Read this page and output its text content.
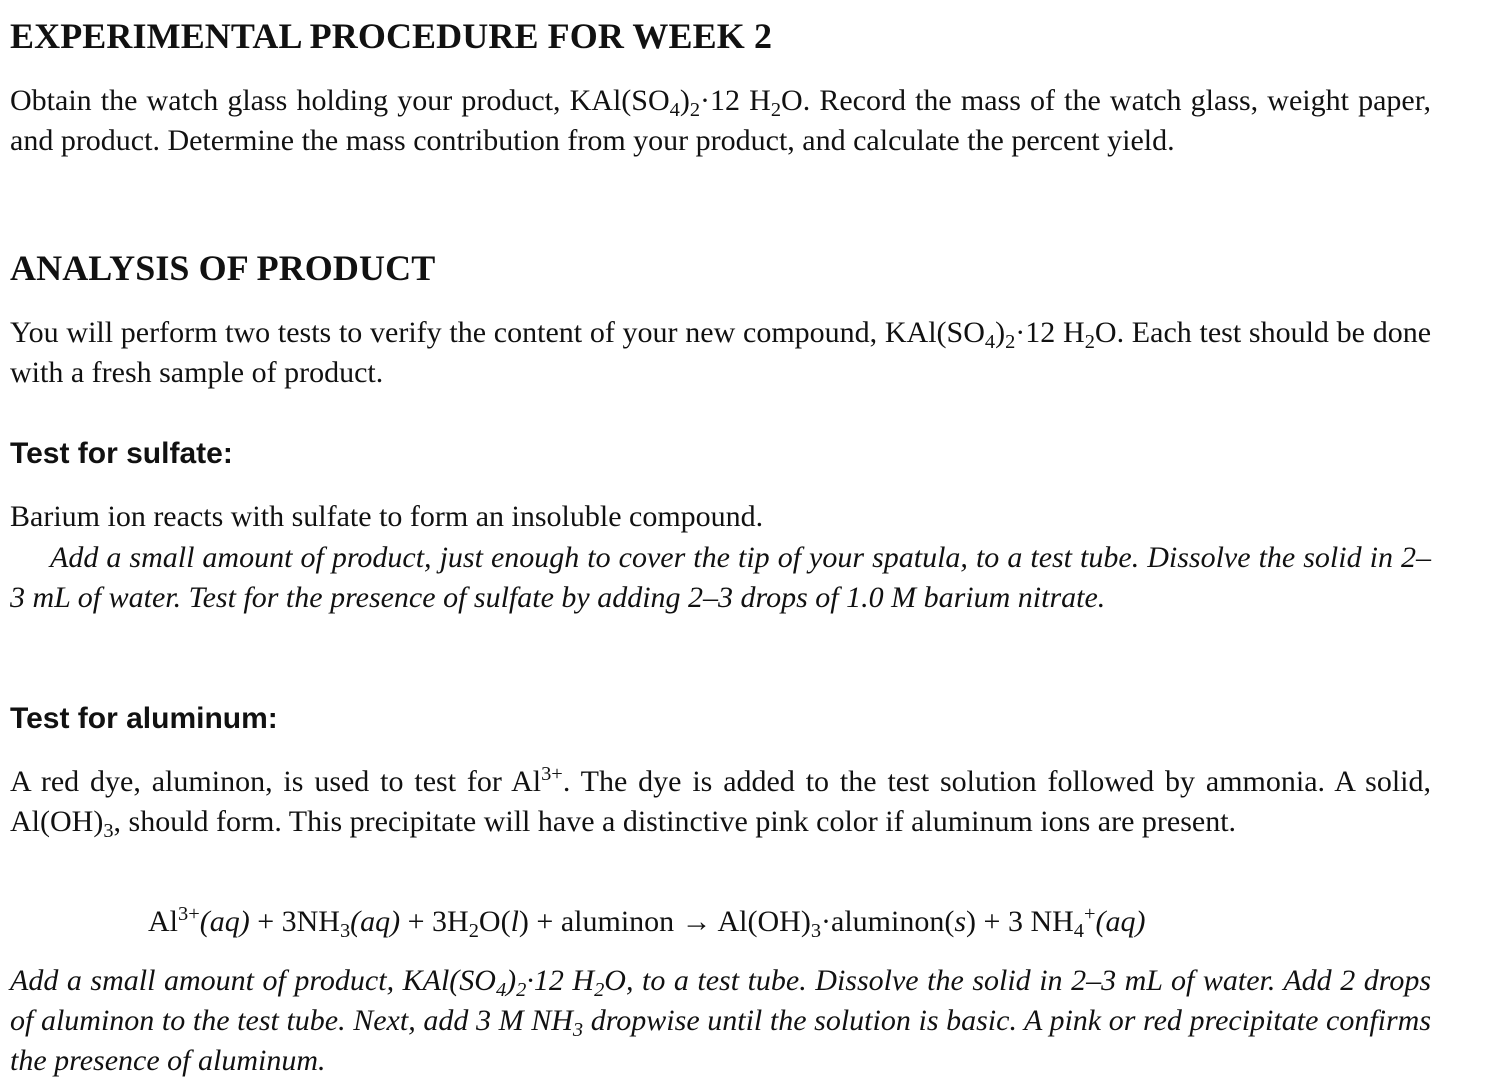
EXPERIMENTAL PROCEDURE FOR WEEK 2

Obtain the watch glass holding your product, $KAl(SO_4)_2\cdot 12$ $H_2O$. Record the mass of the watch glass, weight paper, and product. Determine the mass contribution from your product, and calculate the percent yield.

ANALYSIS OF PRODUCT

You will perform two tests to verify the content of your new compound, $KAl(SO_4)_2\cdot 12$ $H_2O$. Each test should be done with a fresh sample of product.

Test for sulfate:

Barium ion reacts with sulfate to form an insoluble compound.

Add a small amount of product, just enough to cover the tip of your spatula, to a test tube. Dissolve the solid in 2–3 mL of water. Test for the presence of sulfate by adding 2–3 drops of 1.0 M barium nitrate.

Test for aluminum:

A red dye, aluminon, is used to test for $Al^{3+}$. The dye is added to the test solution followed by ammonia. A solid, $Al(OH)_3$, should form. This precipitate will have a distinctive pink color if aluminum ions are present.

$Al^{3+}(aq) + 3NH_3(aq) + 3H_2O(l)$ + aluminon → $Al(OH)_3\cdot aluminon(s) + 3$ $NH_4^+(aq)$

Add a small amount of product, $KAl(SO_4)_2\cdot 12$ $H_2O$, to a test tube. Dissolve the solid in 2–3 mL of water. Add 2 drops of aluminon to the test tube. Next, add 3 M $NH_3$ dropwise until the solution is basic. A pink or red precipitate confirms the presence of aluminum.
